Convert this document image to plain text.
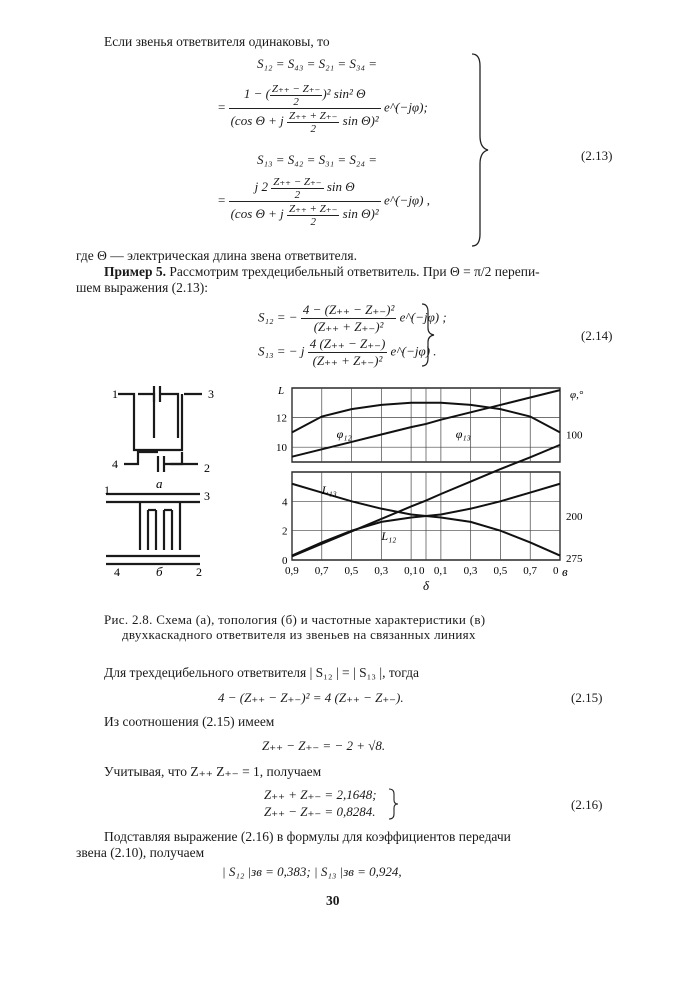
Если звенья ответвителя одинаковы, то
S₁₂ = S₄₃ = S₂₁ = S₃₄ =
= $\frac{1 - ( \frac{Z_{++} - Z_{+-}}{2} )^2 \sin^2 \Theta}{(\cos \Theta + j \frac{Z_{++} + Z_{+-}}{2} \sin \Theta)^2}$ e^(−jφ);
S₁₃ = S₄₂ = S₃₁ = S₂₄ =
= $\frac{j 2 \frac{Z_{++} - Z_{+-}}{2} \sin \Theta}{(\cos \Theta + j \frac{Z_{++} + Z_{+-}}{2} \sin \Theta)^2}$ e^(−jφ) ,
(2.13)
где Θ — электрическая длина звена ответвителя.
Пример 5. Рассмотрим трехдецибельный ответвитель. При Θ = π/2 перепи-
шем выражения (2.13):
S₁₂ = − $\frac{\text{4 − (Z₊₊ − Z₊₋)²}}{\text{(Z₊₊ + Z₊₋)²}}$ e^(−jφ) ;
S₁₃ = − j $\frac{4 (Z_{++} - Z_{+-})}{\text{(Z₊₊ + Z₊₋)²}}$ e^(−jφ) .
(2.14)
1	3
4	2
а
1	3
4	2
б
L	φ,°
12
10
4
2
0
100
200
275
0,9 0,7 0,5 0,3 0,1 0 0,1 0,3 0,5 0,7 0
δ
φ₁₂	φ₁₃
L₁₃
L₁₂
в
Рис. 2.8. Схема (а), топология (б) и частотные характеристики (в)
двухкаскадного ответвителя из звеньев на связанных линиях
Для трехдецибельного ответвителя | S₁₂ | = | S₁₃ |, тогда
4 − (Z₊₊ − Z₊₋)² = 4 (Z₊₊ − Z₊₋).	(2.15)
Из соотношения (2.15) имеем
Z₊₊ − Z₊₋ = − 2 + √8.
Учитывая, что Z₊₊ Z₊₋ = 1, получаем
Z₊₊ + Z₊₋ = 2,1648;
Z₊₊ − Z₊₋ = 0,8284.	(2.16)
Подставляя выражение (2.16) в формулы для коэффициентов передачи
звена (2.10), получаем
| S₁₂ |зв = 0,383; | S₁₃ |зв = 0,924,
30
